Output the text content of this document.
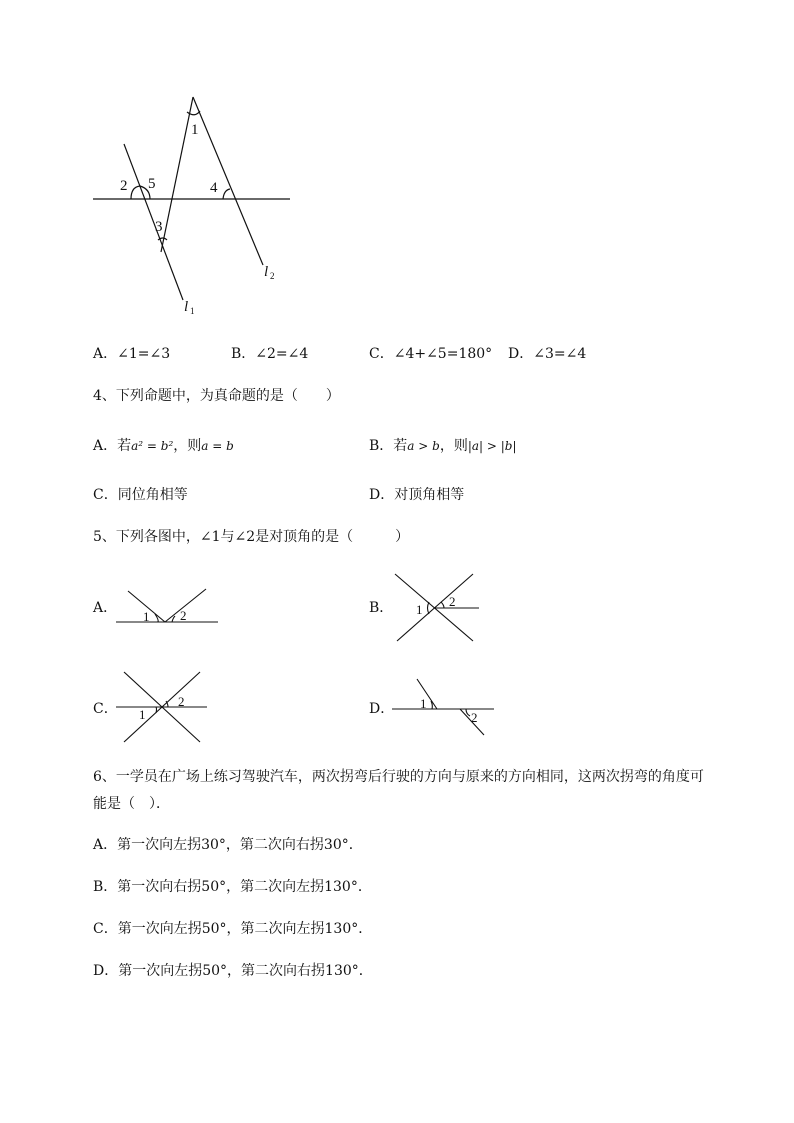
1
2 5
3
4
l 2
l 1
A．∠1=∠3	B．∠2=∠4	C．∠4+∠5=180° D．∠3=∠4
4、下列命题中，为真命题的是（　　）
A．若a² = b²，则a = b	B．若a > b，则|a| > |b|
C．同位角相等	D．对顶角相等
5、下列各图中，∠1与∠2是对顶角的是（　　　）
A．	B．
C．	D．
1 2	1
2
1
2	1
2
6、一学员在广场上练习驾驶汽车，两次拐弯后行驶的方向与原来的方向相同，这两次拐弯的角度可
能是（　）．
A．第一次向左拐30°，第二次向右拐30°．
B．第一次向右拐50°，第二次向左拐130°．
C．第一次向左拐50°，第二次向左拐130°．
D．第一次向左拐50°，第二次向右拐130°．
